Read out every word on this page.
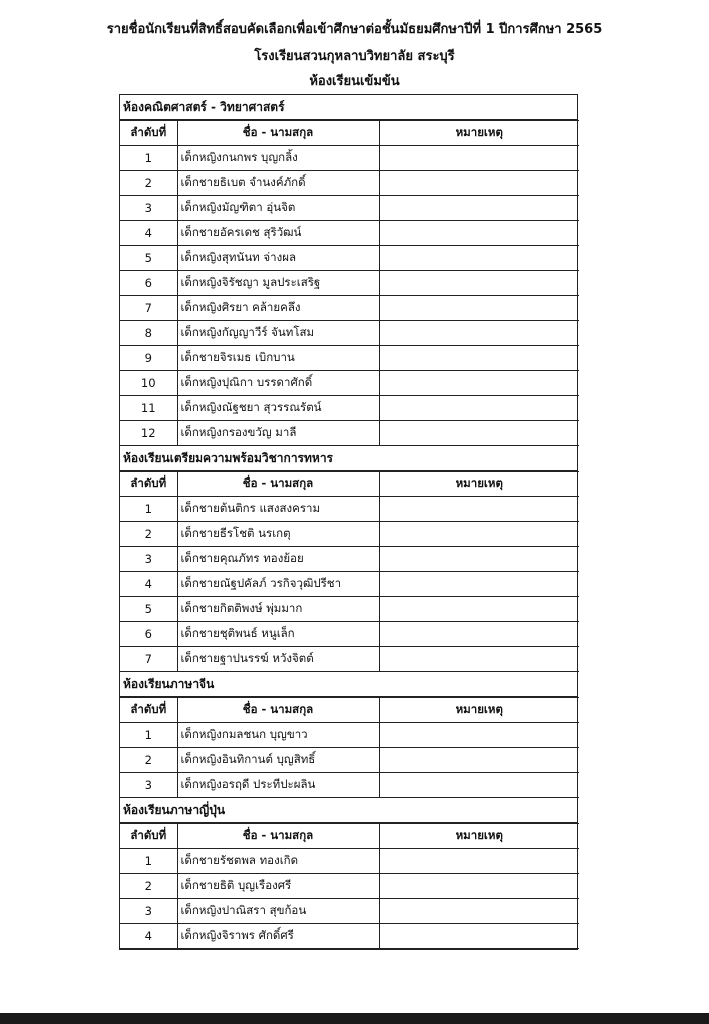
รายชื่อนักเรียนที่สิทธิ์สอบคัดเลือกเพื่อเข้าศึกษาต่อชั้นมัธยมศึกษาปีที่ 1 ปีการศึกษา 2565
โรงเรียนสวนกุหลาบวิทยาลัย สระบุรี
ห้องเรียนเข้มข้น
ห้องคณิตศาสตร์ - วิทยาศาสตร์
ลำดับที่	ชื่อ - นามสกุล	หมายเหตุ
1	เด็กหญิงกนกพร บุญกลิ้ง	
2	เด็กชายธิเบต จำนงค์ภักดิ์	
3	เด็กหญิงมัญฑิตา อุ่นจิต	
4	เด็กชายอัครเดช สุริวัฒน์	
5	เด็กหญิงสุทนันท จ่างผล	
6	เด็กหญิงจิรัชญา มูลประเสริฐ	
7	เด็กหญิงศิรยา คล้ายคลึง	
8	เด็กหญิงกัญญาวีร์ จันทโสม	
9	เด็กชายจิรเมธ เบิกบาน	
10	เด็กหญิงปุณิกา บรรดาศักดิ์	
11	เด็กหญิงณัฐชยา สุวรรณรัตน์	
12	เด็กหญิงกรองขวัญ มาลี	
ห้องเรียนเตรียมความพร้อมวิชาการทหาร
ลำดับที่	ชื่อ - นามสกุล	หมายเหตุ
1	เด็กชายต้นติกร แสงสงคราม	
2	เด็กชายธีรโชติ นรเกตุ	
3	เด็กชายคุณภัทร ทองย้อย	
4	เด็กชายณัฐปคัลภ์ วรกิจวุฒิปรีชา	
5	เด็กชายกิตติพงษ์ พุ่มมาก	
6	เด็กชายชุติพนธ์ หนูเล็ก	
7	เด็กชายฐาปนรรฆ์ หวังจิตต์	
ห้องเรียนภาษาจีน
ลำดับที่	ชื่อ - นามสกุล	หมายเหตุ
1	เด็กหญิงกมลชนก บุญขาว	
2	เด็กหญิงอินทิกานต์ บุญสิทธิ์	
3	เด็กหญิงอรฤดี ประทีปะผลิน	
ห้องเรียนภาษาญี่ปุ่น
ลำดับที่	ชื่อ - นามสกุล	หมายเหตุ
1	เด็กชายรัชตพล ทองเกิด	
2	เด็กชายธิติ บุญเรืองศรี	
3	เด็กหญิงปาณิสรา สุขก้อน	
4	เด็กหญิงจิราพร ศักดิ์ศรี	
